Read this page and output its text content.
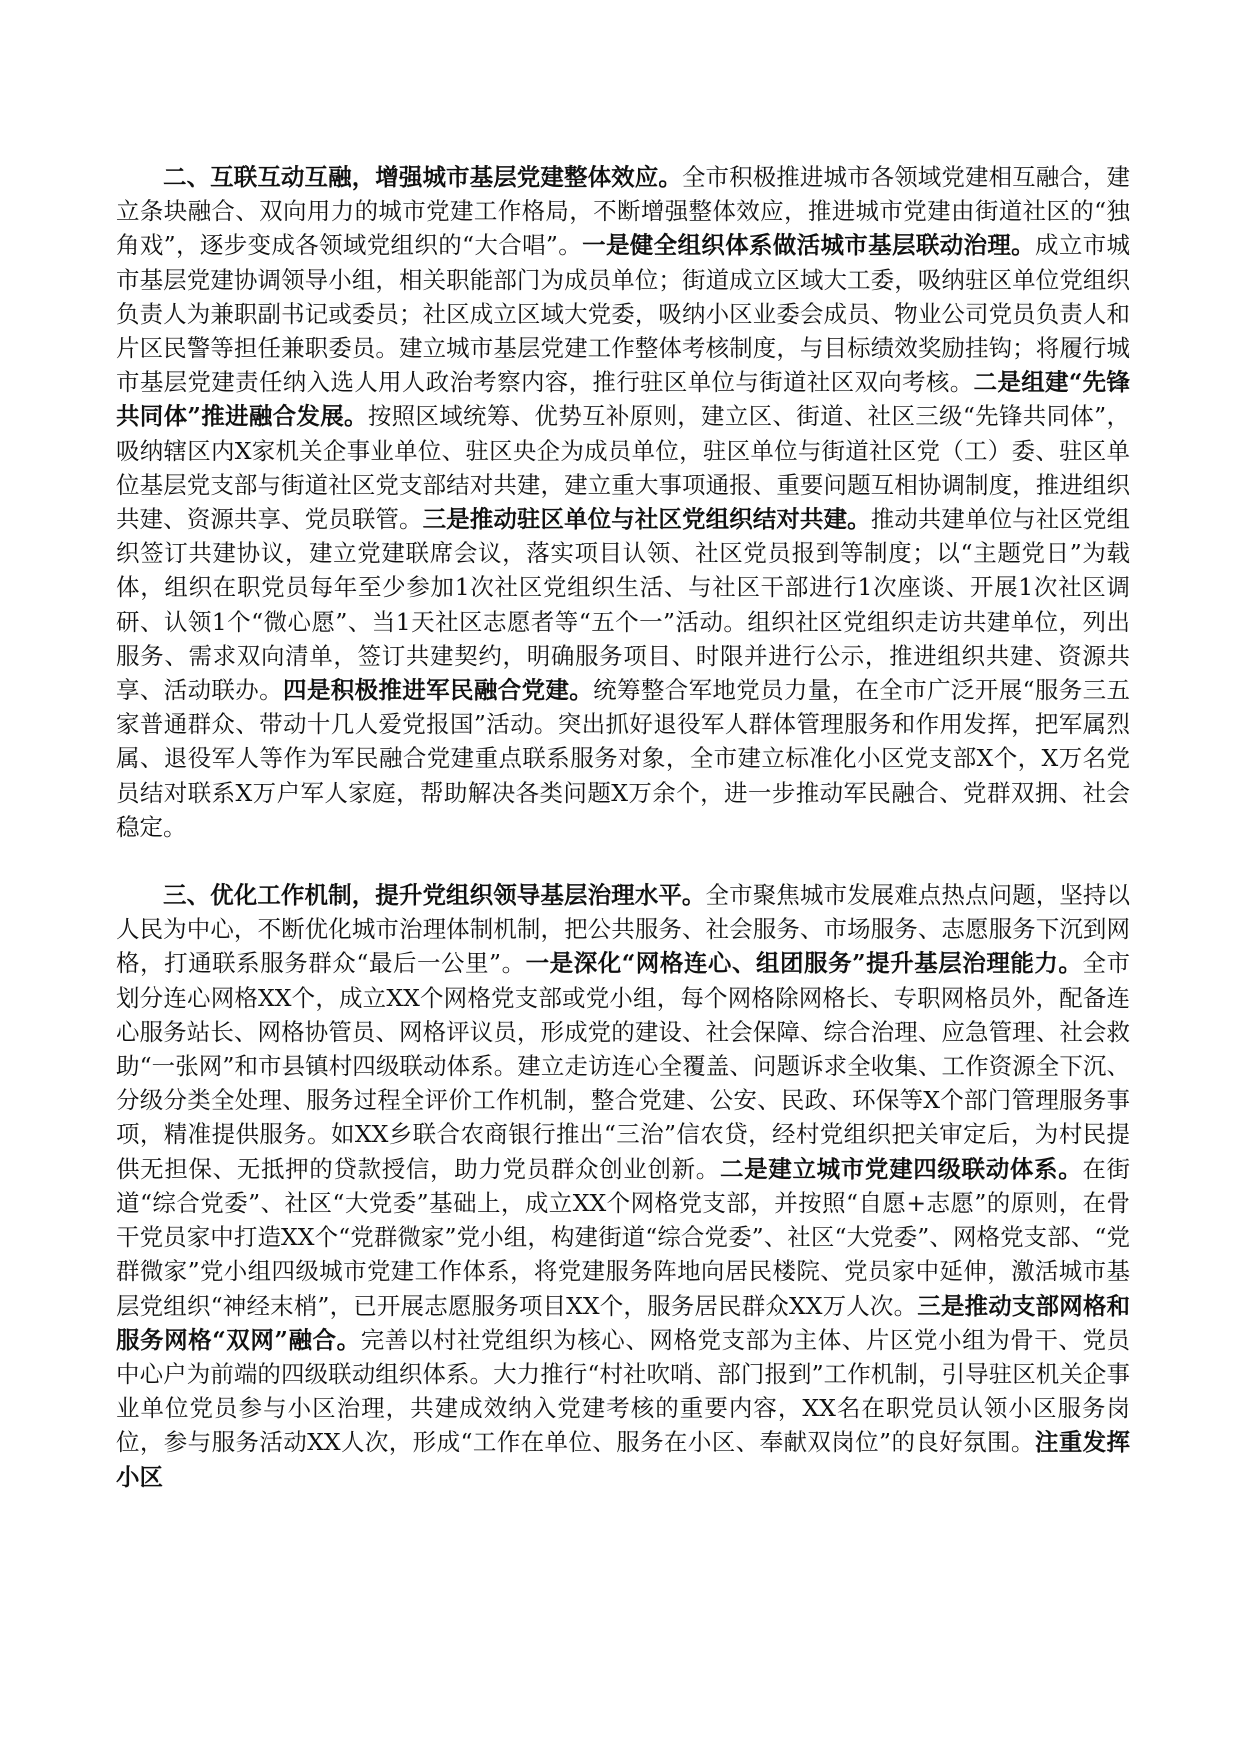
二、互联互动互融，增强城市基层党建整体效应。全市积极推进城市各领域党建相互融合，建立条块融合、双向用力的城市党建工作格局，不断增强整体效应，推进城市党建由街道社区的“独角戏”，逐步变成各领域党组织的“大合唱”。一是健全组织体系做活城市基层联动治理。成立市城市基层党建协调领导小组，相关职能部门为成员单位；街道成立区域大工委，吸纳驻区单位党组织负责人为兼职副书记或委员；社区成立区域大党委，吸纳小区业委会成员、物业公司党员负责人和片区民警等担任兼职委员。建立城市基层党建工作整体考核制度，与目标绩效奖励挂钩；将履行城市基层党建责任纳入选人用人政治考察内容，推行驻区单位与街道社区双向考核。二是组建“先锋共同体”推进融合发展。按照区域统筹、优势互补原则，建立区、街道、社区三级“先锋共同体”，吸纳辖区内X家机关企事业单位、驻区央企为成员单位，驻区单位与街道社区党（工）委、驻区单位基层党支部与街道社区党支部结对共建，建立重大事项通报、重要问题互相协调制度，推进组织共建、资源共享、党员联管。三是推动驻区单位与社区党组织结对共建。推动共建单位与社区党组织签订共建协议，建立党建联席会议，落实项目认领、社区党员报到等制度；以“主题党日”为载体，组织在职党员每年至少参加1次社区党组织生活、与社区干部进行1次座谈、开展1次社区调研、认领1个“微心愿”、当1天社区志愿者等“五个一”活动。组织社区党组织走访共建单位，列出服务、需求双向清单，签订共建契约，明确服务项目、时限并进行公示，推进组织共建、资源共享、活动联办。四是积极推进军民融合党建。统筹整合军地党员力量，在全市广泛开展“服务三五家普通群众、带动十几人爱党报国”活动。突出抓好退役军人群体管理服务和作用发挥，把军属烈属、退役军人等作为军民融合党建重点联系服务对象，全市建立标准化小区党支部X个，X万名党员结对联系X万户军人家庭，帮助解决各类问题X万余个，进一步推动军民融合、党群双拥、社会稳定。

三、优化工作机制，提升党组织领导基层治理水平。全市聚焦城市发展难点热点问题，坚持以人民为中心，不断优化城市治理体制机制，把公共服务、社会服务、市场服务、志愿服务下沉到网格，打通联系服务群众“最后一公里”。一是深化“网格连心、组团服务”提升基层治理能力。全市划分连心网格XX个，成立XX个网格党支部或党小组，每个网格除网格长、专职网格员外，配备连心服务站长、网格协管员、网格评议员，形成党的建设、社会保障、综合治理、应急管理、社会救助“一张网”和市县镇村四级联动体系。建立走访连心全覆盖、问题诉求全收集、工作资源全下沉、分级分类全处理、服务过程全评价工作机制，整合党建、公安、民政、环保等X个部门管理服务事项，精准提供服务。如XX乡联合农商银行推出“三治”信农贷，经村党组织把关审定后，为村民提供无担保、无抵押的贷款授信，助力党员群众创业创新。二是建立城市党建四级联动体系。在街道“综合党委”、社区“大党委”基础上，成立XX个网格党支部，并按照“自愿+志愿”的原则，在骨干党员家中打造XX个“党群微家”党小组，构建街道“综合党委”、社区“大党委”、网格党支部、“党群微家”党小组四级城市党建工作体系，将党建服务阵地向居民楼院、党员家中延伸，激活城市基层党组织“神经末梢”，已开展志愿服务项目XX个，服务居民群众XX万人次。三是推动支部网格和服务网格“双网”融合。完善以村社党组织为核心、网格党支部为主体、片区党小组为骨干、党员中心户为前端的四级联动组织体系。大力推行“村社吹哨、部门报到”工作机制，引导驻区机关企事业单位党员参与小区治理，共建成效纳入党建考核的重要内容，XX名在职党员认领小区服务岗位，参与服务活动XX人次，形成“工作在单位、服务在小区、奉献双岗位”的良好氛围。注重发挥小区
